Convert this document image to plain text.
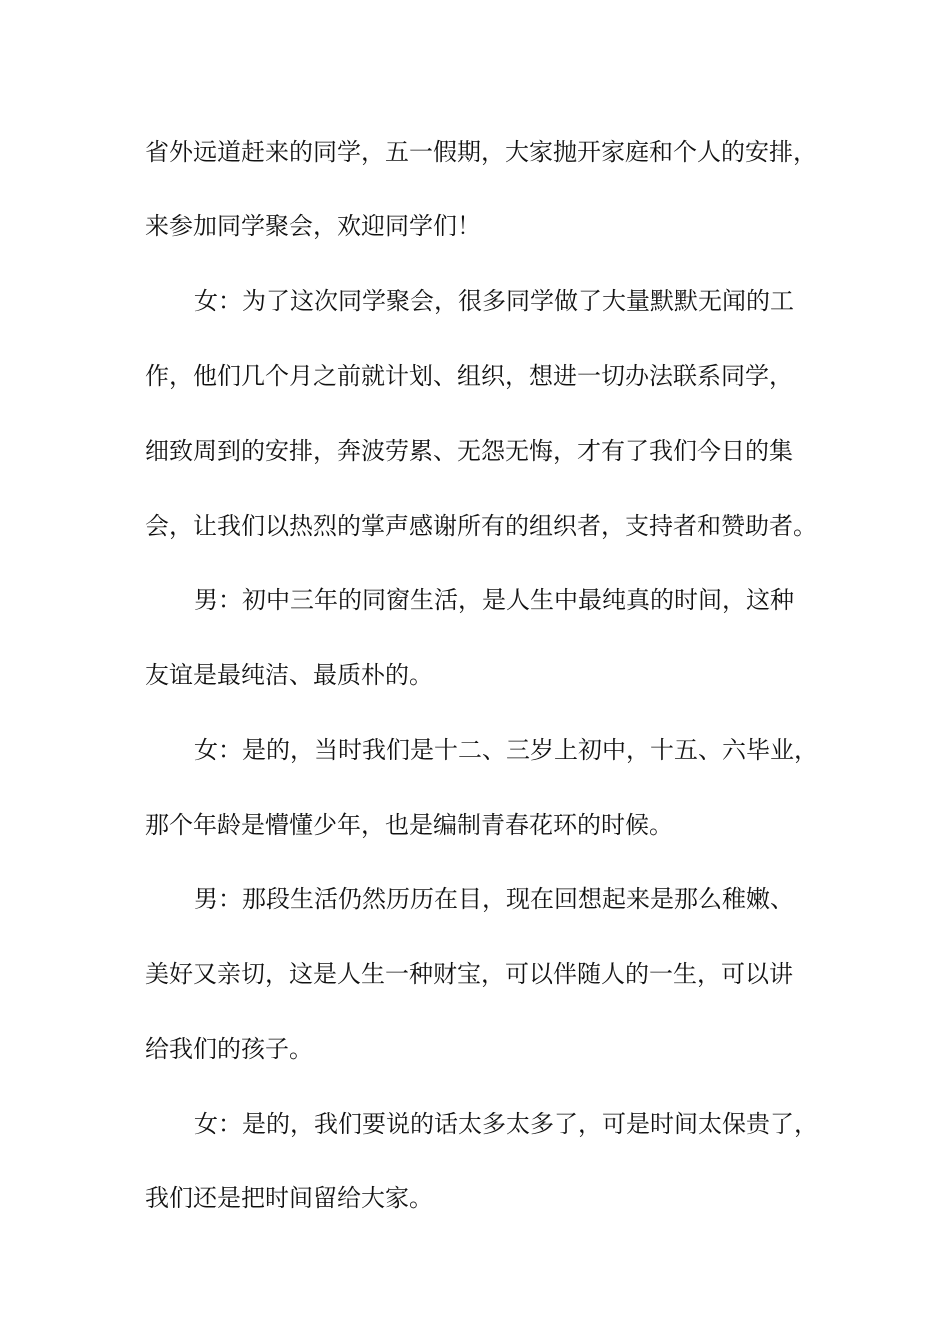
省外远道赶来的同学，五一假期，大家抛开家庭和个人的安排，
来参加同学聚会，欢迎同学们！
女：为了这次同学聚会，很多同学做了大量默默无闻的工
作，他们几个月之前就计划、组织，想进一切办法联系同学，
细致周到的安排，奔波劳累、无怨无悔，才有了我们今日的集
会，让我们以热烈的掌声感谢所有的组织者，支持者和赞助者。
男：初中三年的同窗生活，是人生中最纯真的时间，这种
友谊是最纯洁、最质朴的。
女：是的，当时我们是十二、三岁上初中，十五、六毕业，
那个年龄是懵懂少年，也是编制青春花环的时候。
男：那段生活仍然历历在目，现在回想起来是那么稚嫩、
美好又亲切，这是人生一种财宝，可以伴随人的一生，可以讲
给我们的孩子。
女：是的，我们要说的话太多太多了，可是时间太保贵了，
我们还是把时间留给大家。
